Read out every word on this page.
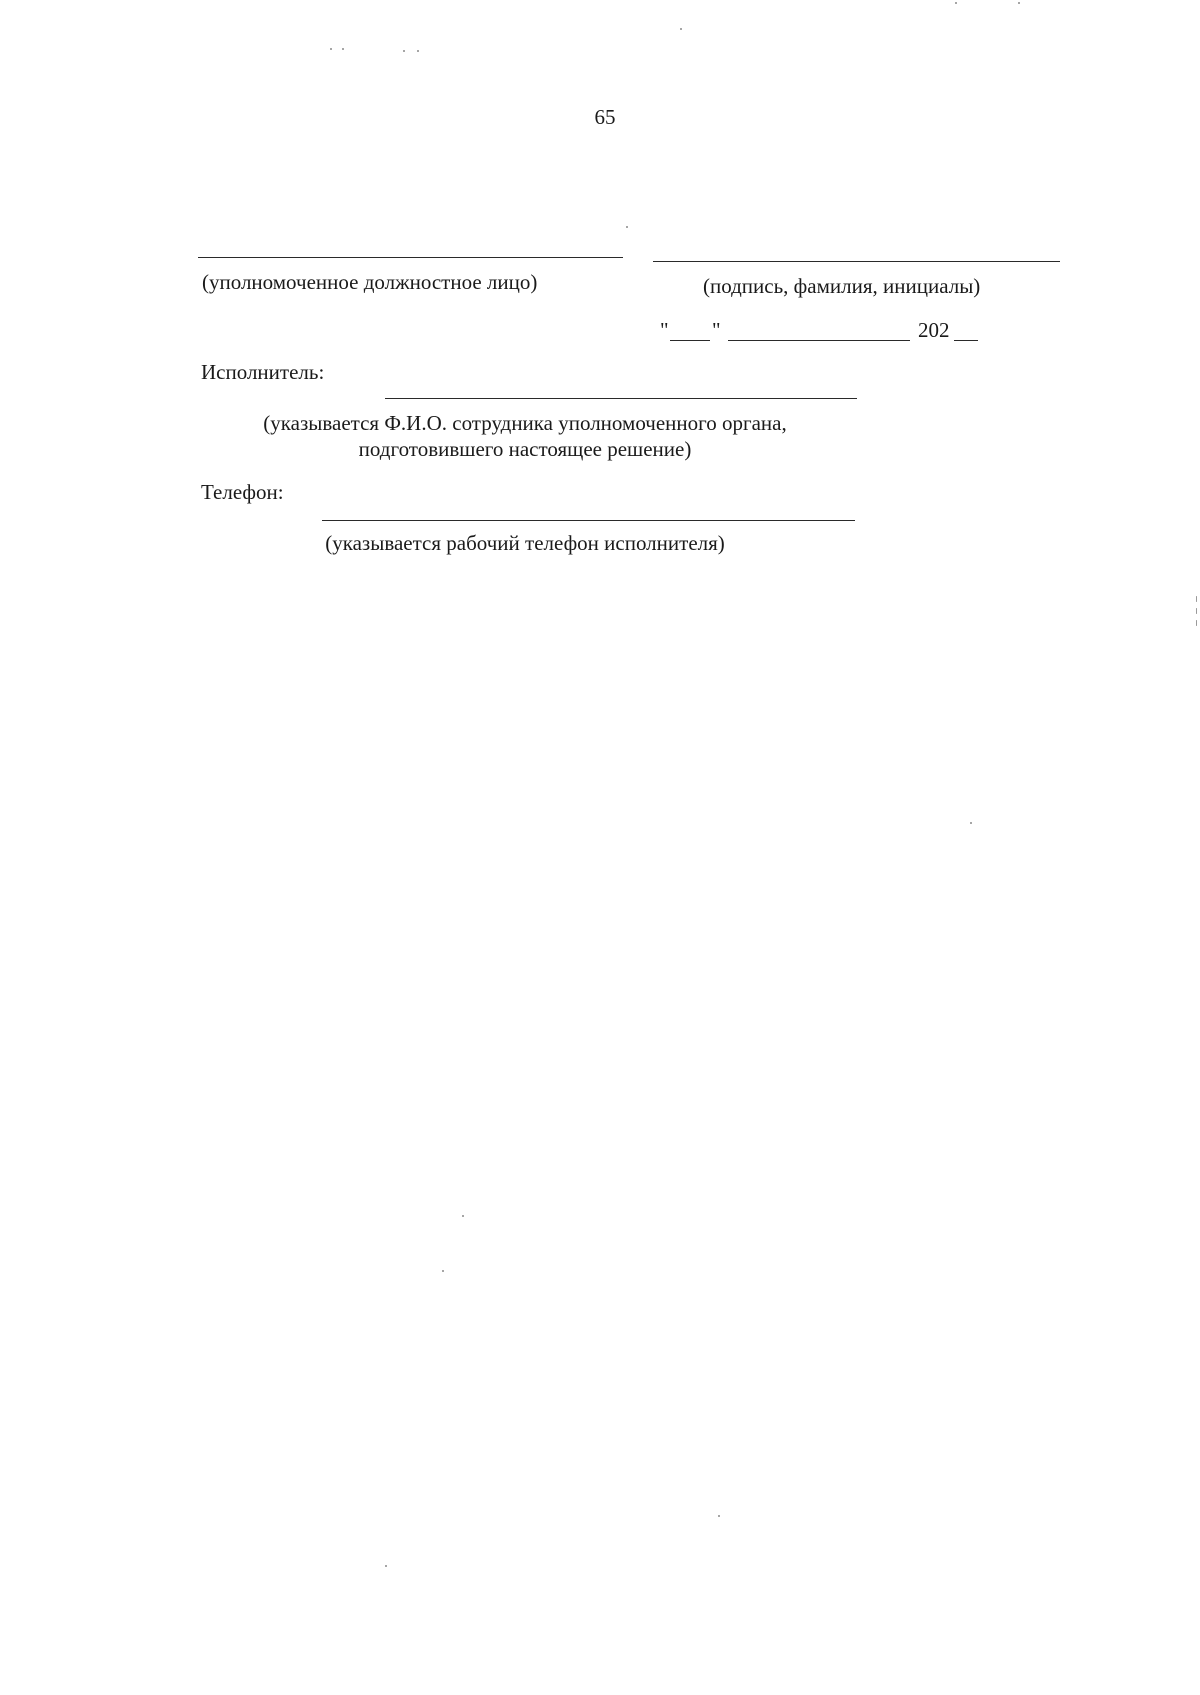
65
(уполномоченное должностное лицо)	(подпись, фамилия, инициалы)
" "	202
Исполнитель:
(указывается Ф.И.О. сотрудника уполномоченного органа,
подготовившего настоящее решение)
Телефон:
(указывается рабочий телефон исполнителя)
